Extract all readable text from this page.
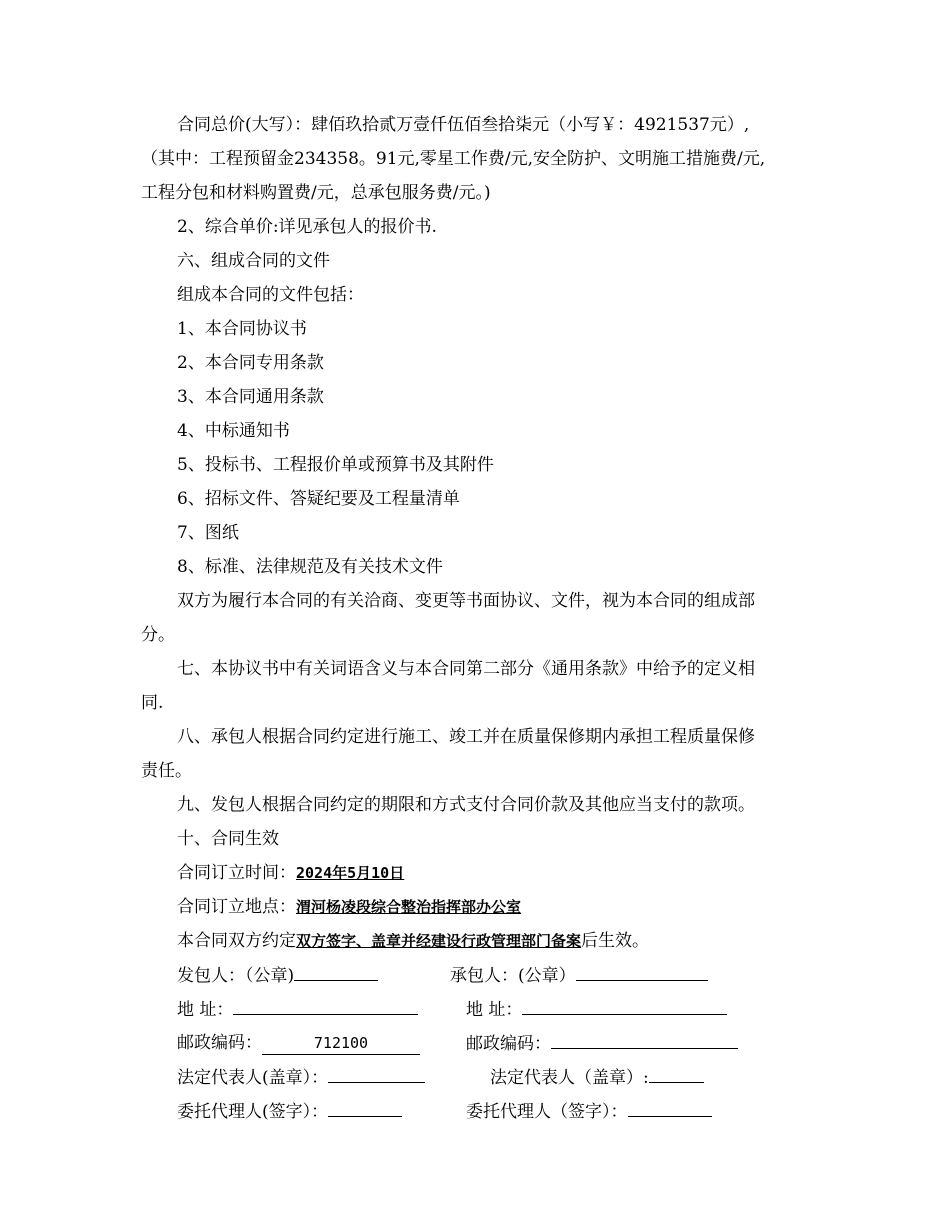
合同总价(大写）：肆佰玖拾贰万壹仟伍佰叁拾柒元（小写￥：4921537元）,
（其中：工程预留金234358。91元,零星工作费/元,安全防护、文明施工措施费/元,
工程分包和材料购置费/元，总承包服务费/元。)
2、综合单价:详见承包人的报价书.
六、组成合同的文件
组成本合同的文件包括：
1、本合同协议书
2、本合同专用条款
3、本合同通用条款
4、中标通知书
5、投标书、工程报价单或预算书及其附件
6、招标文件、答疑纪要及工程量清单
7、图纸
8、标准、法律规范及有关技术文件
双方为履行本合同的有关洽商、变更等书面协议、文件，视为本合同的组成部
分。
七、本协议书中有关词语含义与本合同第二部分《通用条款》中给予的定义相
同.
八、承包人根据合同约定进行施工、竣工并在质量保修期内承担工程质量保修
责任。
九、发包人根据合同约定的期限和方式支付合同价款及其他应当支付的款项。
十、合同生效
合同订立时间：2024年5月10日
合同订立地点：渭河杨凌段综合整治指挥部办公室
本合同双方约定双方签字、盖章并经建设行政管理部门备案后生效。
发包人：（公章)	承包人：(公章）
地 址：	地 址：
邮政编码：	712100	邮政编码：
法定代表人(盖章）：	法定代表人（盖章）:
委托代理人(签字）：	委托代理人（签字）：
